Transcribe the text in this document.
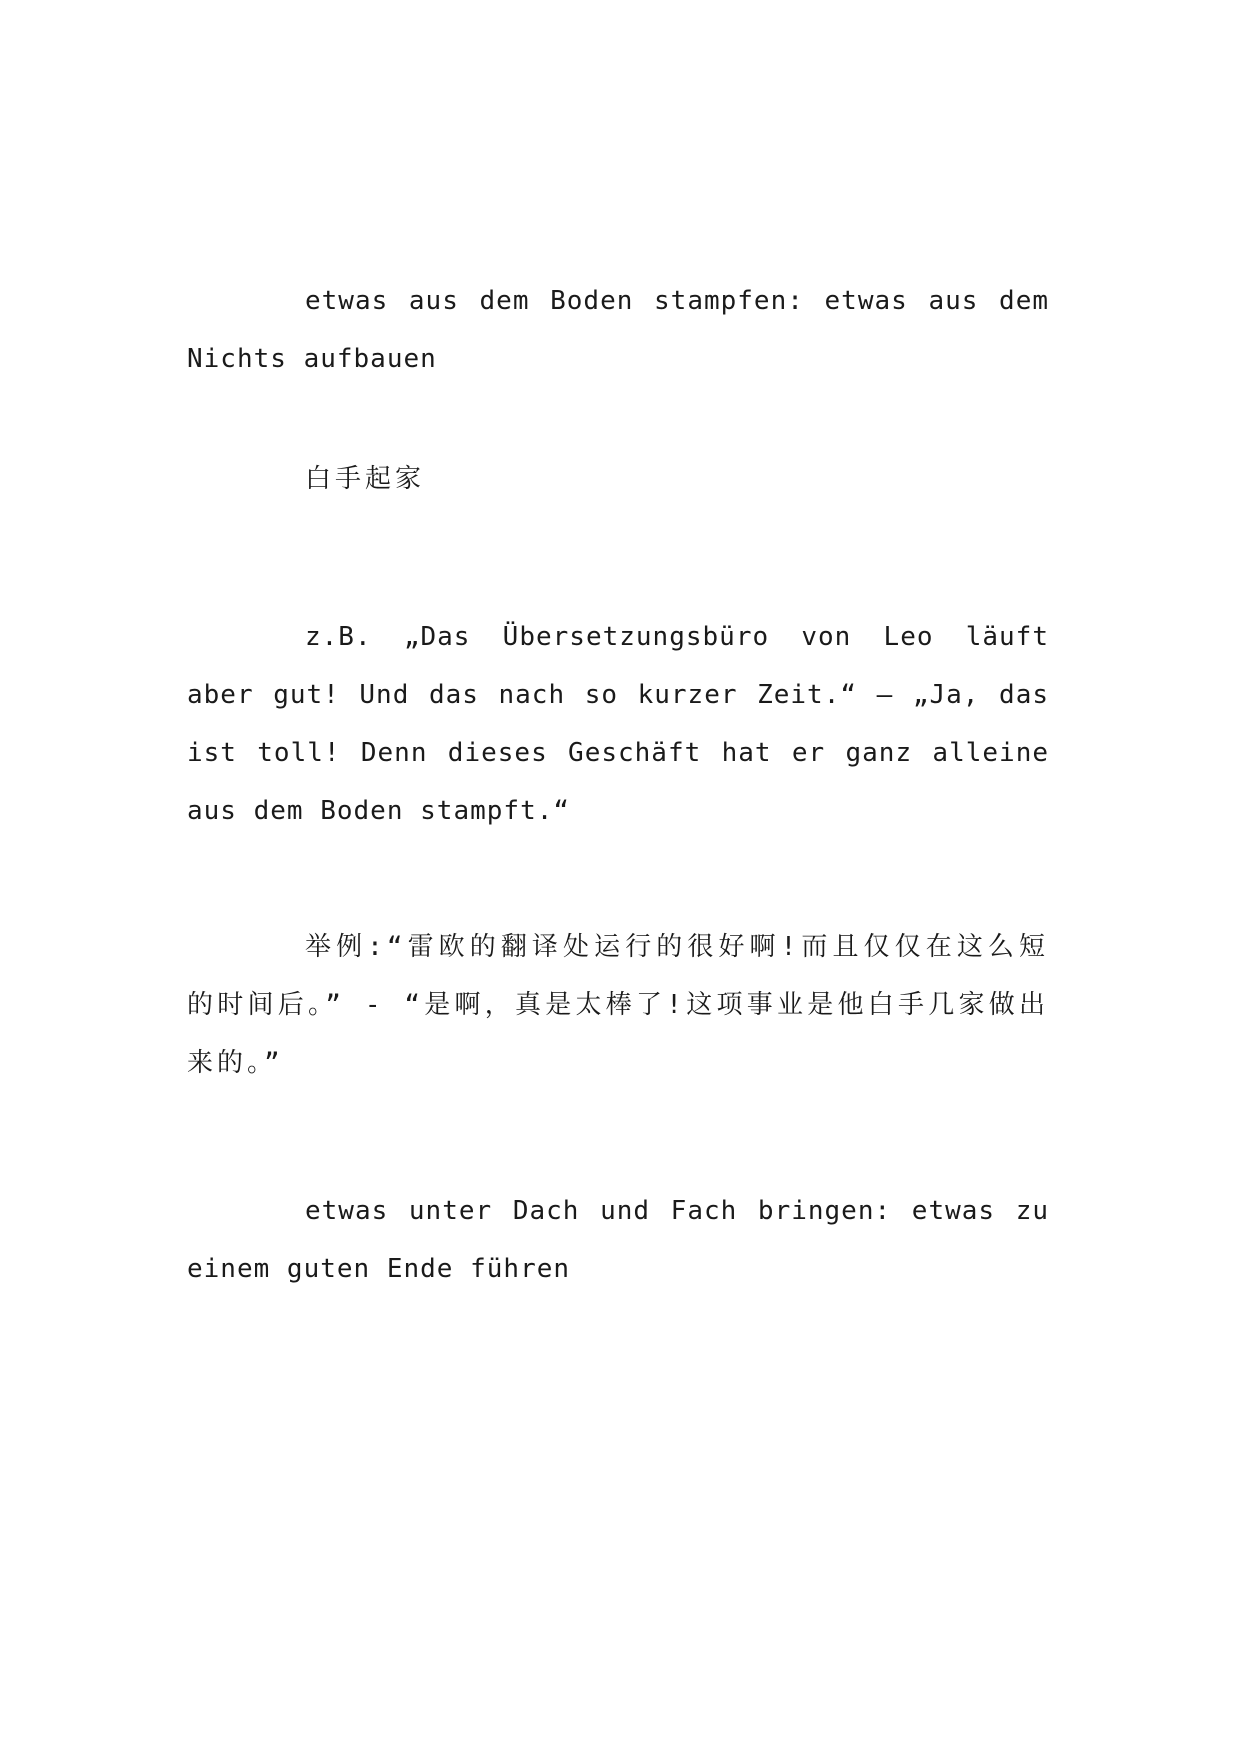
etwas aus dem Boden stampfen: etwas aus dem Nichts aufbauen

白手起家

z.B. „Das Übersetzungsbüro von Leo läuft aber gut! Und das nach so kurzer Zeit.“ – „Ja, das ist toll! Denn dieses Geschäft hat er ganz alleine aus dem Boden stampft.“

举例:“雷欧的翻译处运行的很好啊!而且仅仅在这么短的时间后。” - “是啊，真是太棒了!这项事业是他白手几家做出来的。”

etwas unter Dach und Fach bringen: etwas zu einem guten Ende führen
